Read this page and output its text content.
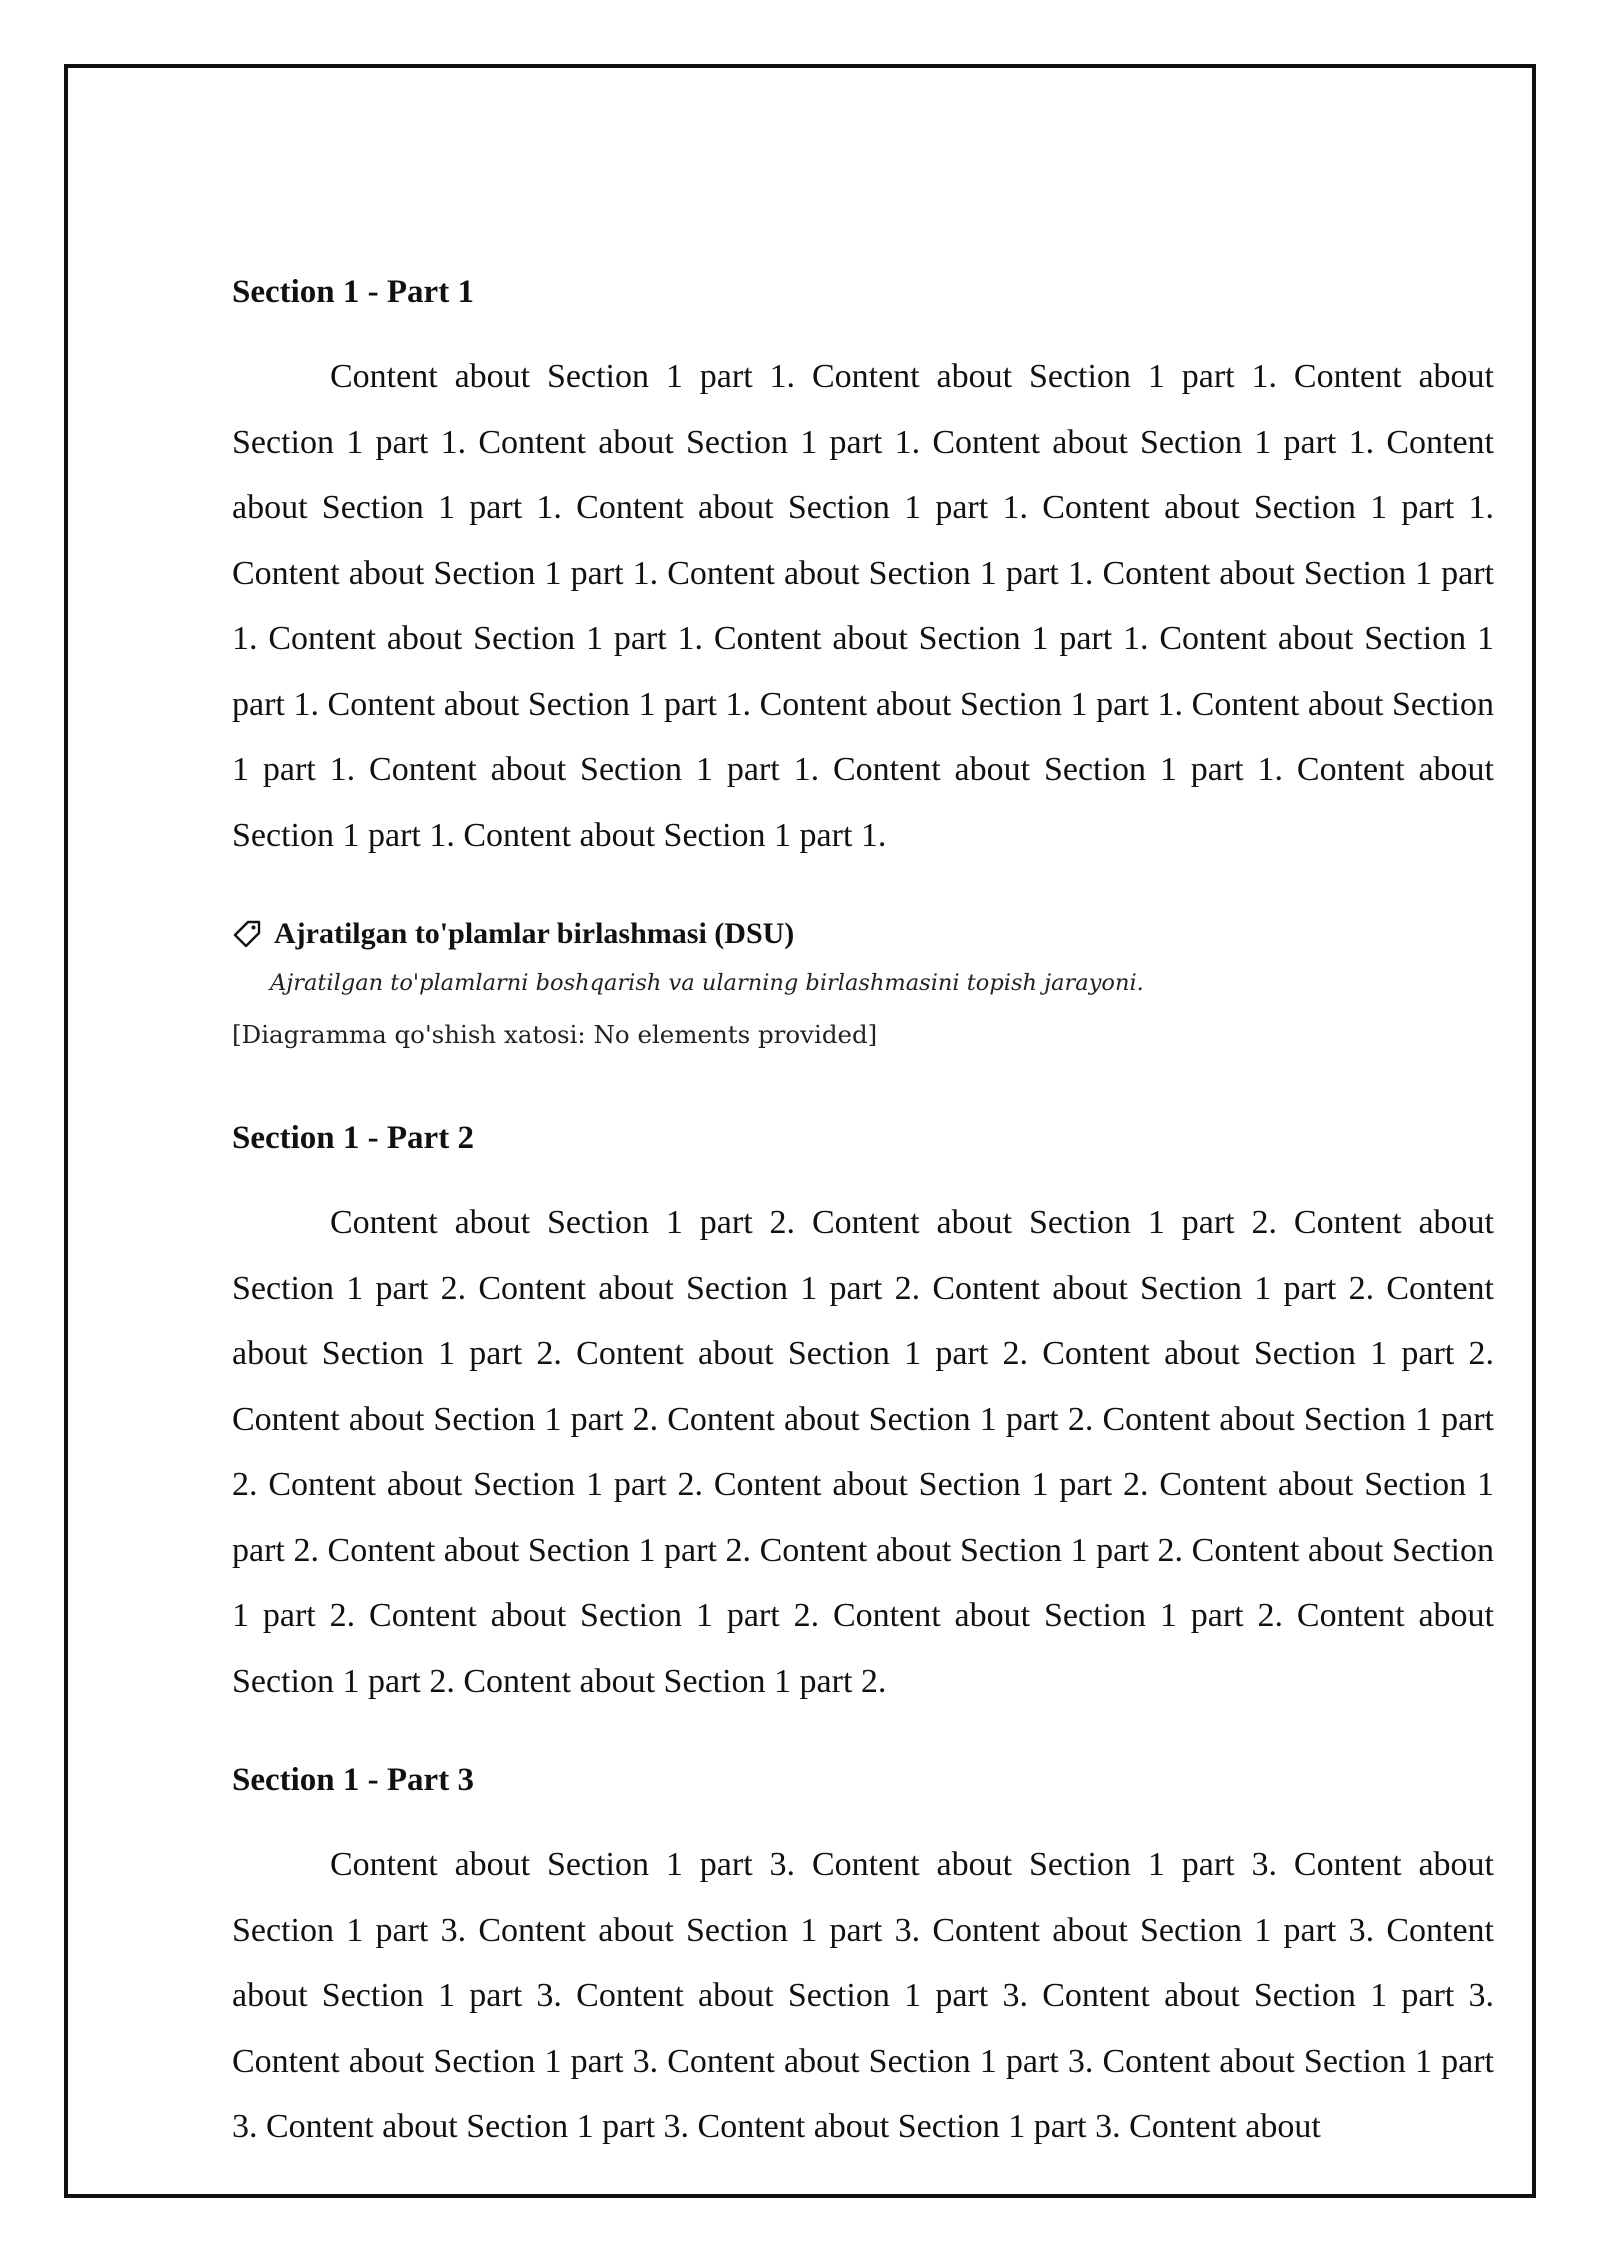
Section 1 - Part 1

Content about Section 1 part 1. Content about Section 1 part 1. Content about Section 1 part 1. Content about Section 1 part 1. Content about Section 1 part 1. Content about Section 1 part 1. Content about Section 1 part 1. Content about Section 1 part 1. Content about Section 1 part 1. Content about Section 1 part 1. Content about Section 1 part 1. Content about Section 1 part 1. Content about Section 1 part 1. Content about Section 1 part 1. Content about Section 1 part 1. Content about Section 1 part 1. Content about Section 1 part 1. Content about Section 1 part 1. Content about Section 1 part 1. Content about Section 1 part 1. Content about Section 1 part 1.

Ajratilgan to'plamlar birlashmasi (DSU)
Ajratilgan to'plamlarni boshqarish va ularning birlashmasini topish jarayoni.
[Diagramma qo'shish xatosi: No elements provided]
Section 1 - Part 2

Content about Section 1 part 2. Content about Section 1 part 2. Content about Section 1 part 2. Content about Section 1 part 2. Content about Section 1 part 2. Content about Section 1 part 2. Content about Section 1 part 2. Content about Section 1 part 2. Content about Section 1 part 2. Content about Section 1 part 2. Content about Section 1 part 2. Content about Section 1 part 2. Content about Section 1 part 2. Content about Section 1 part 2. Content about Section 1 part 2. Content about Section 1 part 2. Content about Section 1 part 2. Content about Section 1 part 2. Content about Section 1 part 2. Content about Section 1 part 2. Content about Section 1 part 2.

Section 1 - Part 3

Content about Section 1 part 3. Content about Section 1 part 3. Content about Section 1 part 3. Content about Section 1 part 3. Content about Section 1 part 3. Content about Section 1 part 3. Content about Section 1 part 3. Content about Section 1 part 3. Content about Section 1 part 3. Content about Section 1 part 3. Content about Section 1 part 3. Content about Section 1 part 3. Content about Section 1 part 3. Content about
